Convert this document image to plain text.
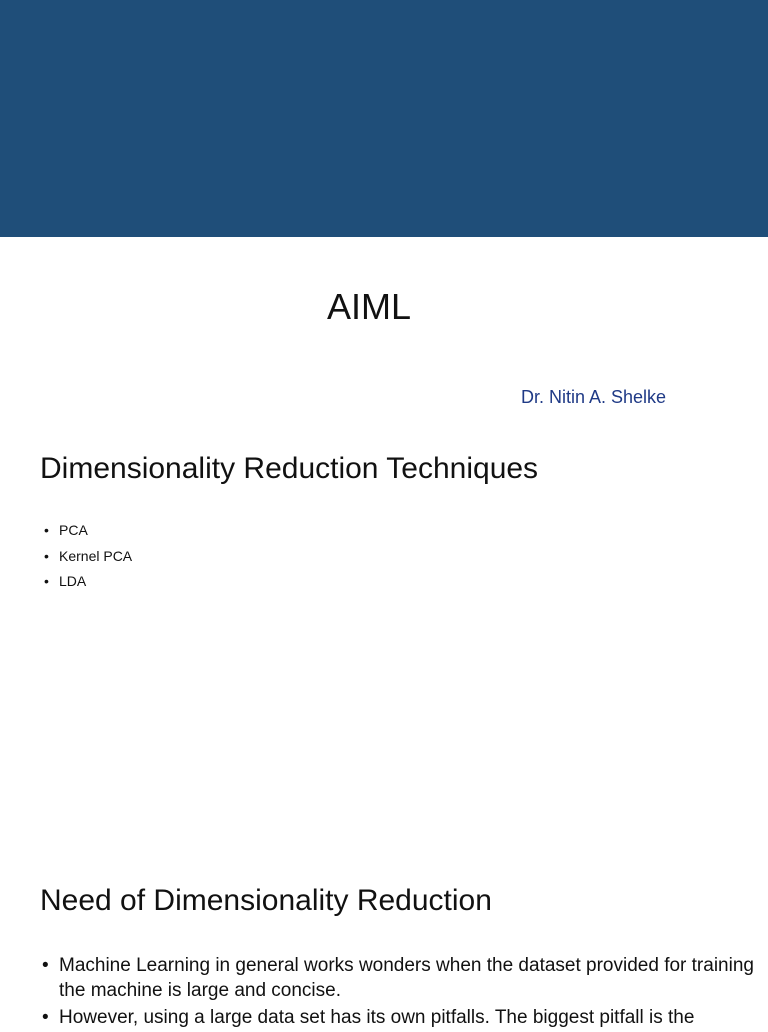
AIML
Dr. Nitin A. Shelke
Dimensionality Reduction Techniques
• PCA
• Kernel PCA
• LDA
Need of Dimensionality Reduction
• Machine Learning in general works wonders when the dataset provided for training the machine is large and concise.
• However, using a large data set has its own pitfalls. The biggest pitfall is the
